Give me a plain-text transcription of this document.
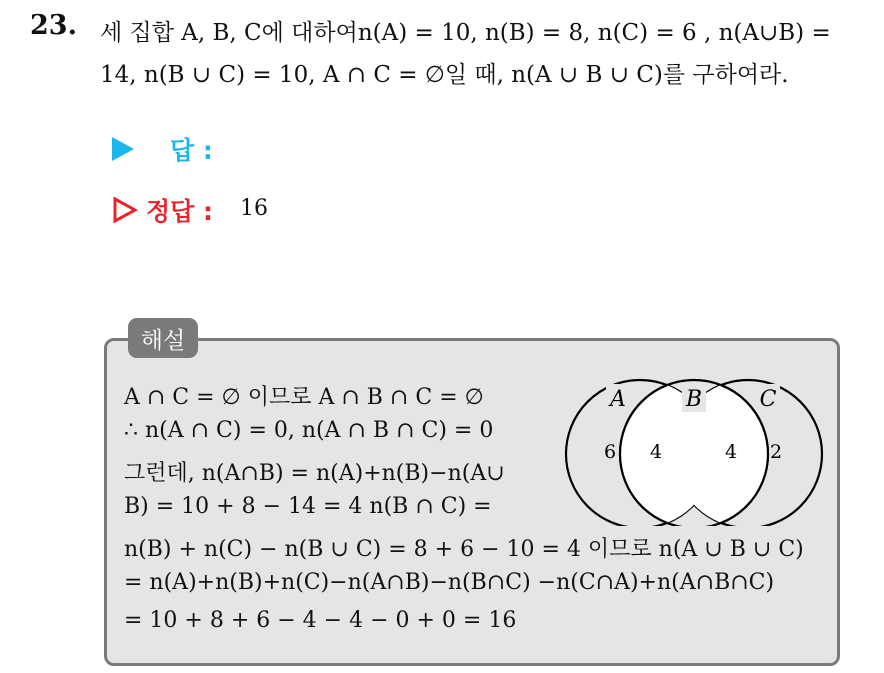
23. 세 집합 A, B, C에 대하여n(A) = 10, n(B) = 8, n(C) = 6 , n(A∪B) =
14, n(B ∪ C) = 10, A ∩ C = ∅일 때, n(A ∪ B ∪ C)를 구하여라.
답 :
정답 : 16
해설
A ∩ C = ∅ 이므로 A ∩ B ∩ C = ∅
∴ n(A ∩ C) = 0, n(A ∩ B ∩ C) = 0
그런데, n(A∩B) = n(A)+n(B)−n(A∪
B) = 10 + 8 − 14 = 4 n(B ∩ C) =
n(B) + n(C) − n(B ∪ C) = 8 + 6 − 10 = 4 이므로 n(A ∪ B ∪ C)
= n(A)+n(B)+n(C)−n(A∩B)−n(B∩C) −n(C∩A)+n(A∩B∩C)
= 10 + 8 + 6 − 4 − 4 − 0 + 0 = 16
A	B	C
6 4	4 2
